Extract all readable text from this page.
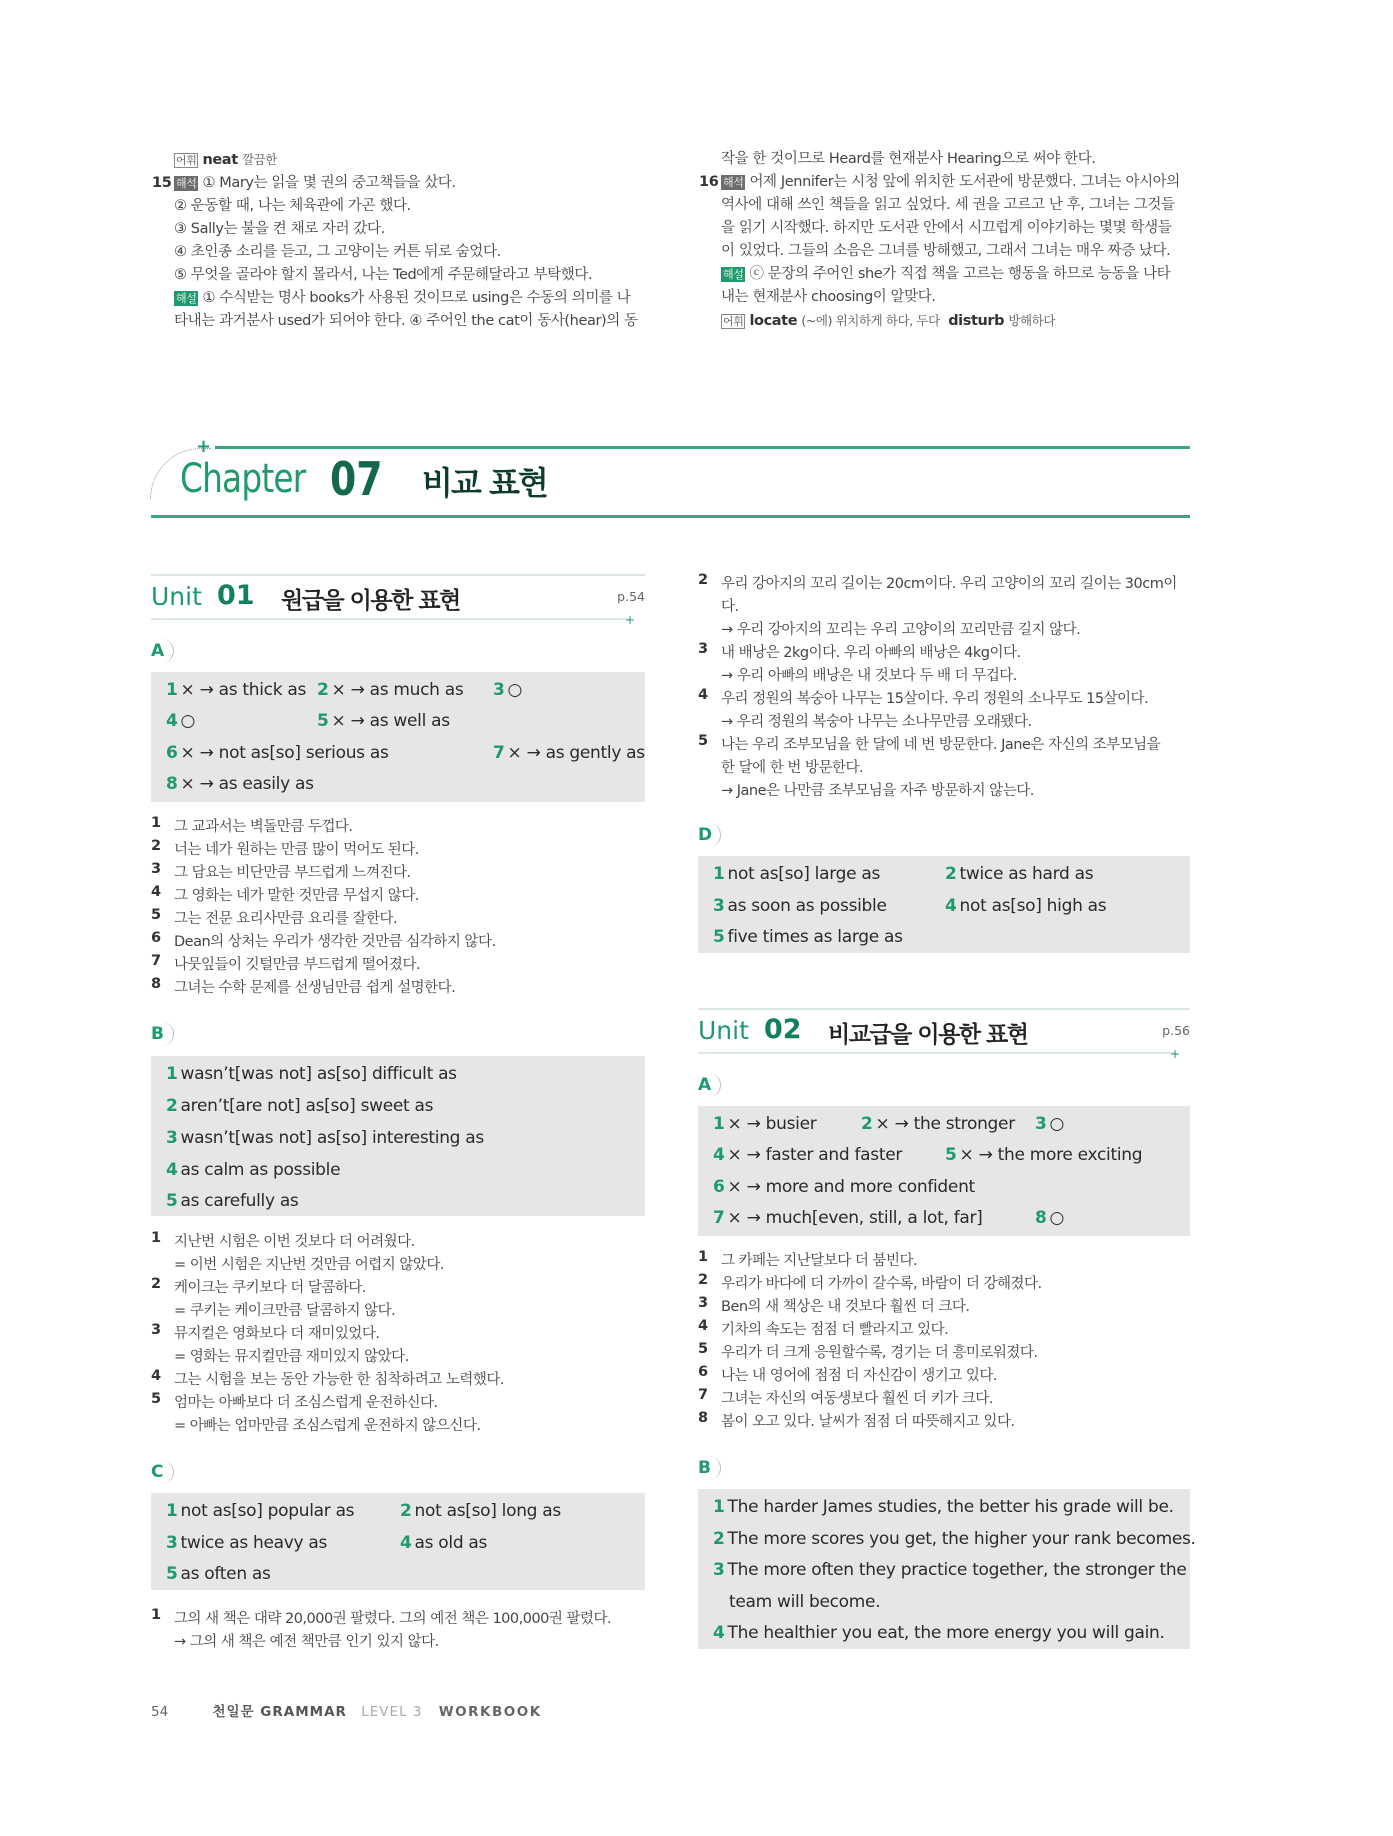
어휘 neat 깔끔한
15 해석 ① Mary는 읽을 몇 권의 중고책들을 샀다.
② 운동할 때, 나는 체육관에 가곤 했다.
③ Sally는 불을 켠 채로 자러 갔다.
④ 초인종 소리를 듣고, 그 고양이는 커튼 뒤로 숨었다.
⑤ 무엇을 골라야 할지 몰라서, 나는 Ted에게 주문해달라고 부탁했다.
해설 ① 수식받는 명사 books가 사용된 것이므로 using은 수동의 의미를 나
타내는 과거분사 used가 되어야 한다. ④ 주어인 the cat이 동사(hear)의 동
작을 한 것이므로 Heard를 현재분사 Hearing으로 써야 한다.
16 해석 어제 Jennifer는 시청 앞에 위치한 도서관에 방문했다. 그녀는 아시아의
역사에 대해 쓰인 책들을 읽고 싶었다. 세 권을 고르고 난 후, 그녀는 그것들
을 읽기 시작했다. 하지만 도서관 안에서 시끄럽게 이야기하는 몇몇 학생들
이 있었다. 그들의 소음은 그녀를 방해했고, 그래서 그녀는 매우 짜증 났다.
해설 ⓒ 문장의 주어인 she가 직접 책을 고르는 행동을 하므로 능동을 나타
내는 현재분사 choosing이 알맞다.
어휘 locate (~에) 위치하게 하다, 두다 disturb 방해하다
+
Chapter 07 비교 표현
Unit 01 원급을 이용한 표현	p.54
+
A
1 × → as thick as 2 × → as much as 3 ○
4 ○	5 × → as well as
6 × → not as[so] serious as	7 × → as gently as
8 × → as easily as
1 그 교과서는 벽돌만큼 두껍다.
2 너는 네가 원하는 만큼 많이 먹어도 된다.
3 그 담요는 비단만큼 부드럽게 느껴진다.
4 그 영화는 네가 말한 것만큼 무섭지 않다.
5 그는 전문 요리사만큼 요리를 잘한다.
6 Dean의 상처는 우리가 생각한 것만큼 심각하지 않다.
7 나뭇잎들이 깃털만큼 부드럽게 떨어졌다.
8 그녀는 수학 문제를 선생님만큼 쉽게 설명한다.
B
1 wasn’t[was not] as[so] difficult as
2 aren’t[are not] as[so] sweet as
3 wasn’t[was not] as[so] interesting as
4 as calm as possible
5 as carefully as
1 지난번 시험은 이번 것보다 더 어려웠다.
= 이번 시험은 지난번 것만큼 어렵지 않았다.
2 케이크는 쿠키보다 더 달콤하다.
= 쿠키는 케이크만큼 달콤하지 않다.
3 뮤지컬은 영화보다 더 재미있었다.
= 영화는 뮤지컬만큼 재미있지 않았다.
4 그는 시험을 보는 동안 가능한 한 침착하려고 노력했다.
5 엄마는 아빠보다 더 조심스럽게 운전하신다.
= 아빠는 엄마만큼 조심스럽게 운전하지 않으신다.
C
1 not as[so] popular as	2 not as[so] long as
3 twice as heavy as	4 as old as
5 as often as
1 그의 새 책은 대략 20,000권 팔렸다. 그의 예전 책은 100,000권 팔렸다.
→ 그의 새 책은 예전 책만큼 인기 있지 않다.
2 우리 강아지의 꼬리 길이는 20cm이다. 우리 고양이의 꼬리 길이는 30cm이
다.
→ 우리 강아지의 꼬리는 우리 고양이의 꼬리만큼 길지 않다.
3 내 배낭은 2kg이다. 우리 아빠의 배낭은 4kg이다.
→ 우리 아빠의 배낭은 내 것보다 두 배 더 무겁다.
4 우리 정원의 복숭아 나무는 15살이다. 우리 정원의 소나무도 15살이다.
→ 우리 정원의 복숭아 나무는 소나무만큼 오래됐다.
5 나는 우리 조부모님을 한 달에 네 번 방문한다. Jane은 자신의 조부모님을
한 달에 한 번 방문한다.
→ Jane은 나만큼 조부모님을 자주 방문하지 않는다.
D
1 not as[so] large as	2 twice as hard as
3 as soon as possible	4 not as[so] high as
5 five times as large as
Unit 02 비교급을 이용한 표현	p.56
+
A
1 × → busier	2 × → the stronger 3 ○
4 × → faster and faster	5 × → the more exciting
6 × → more and more confident
7 × → much[even, still, a lot, far]	8 ○
1 그 카페는 지난달보다 더 붐빈다.
2 우리가 바다에 더 가까이 갈수록, 바람이 더 강해졌다.
3 Ben의 새 책상은 내 것보다 훨씬 더 크다.
4 기차의 속도는 점점 더 빨라지고 있다.
5 우리가 더 크게 응원할수록, 경기는 더 흥미로워졌다.
6 나는 내 영어에 점점 더 자신감이 생기고 있다.
7 그녀는 자신의 여동생보다 훨씬 더 키가 크다.
8 봄이 오고 있다. 날씨가 점점 더 따뜻해지고 있다.
B
1 The harder James studies, the better his grade will be.
2 The more scores you get, the higher your rank becomes.
3 The more often they practice together, the stronger the
team will become.
4 The healthier you eat, the more energy you will gain.
54	천일문 GRAMMAR LEVEL 3 WORKBOOK
